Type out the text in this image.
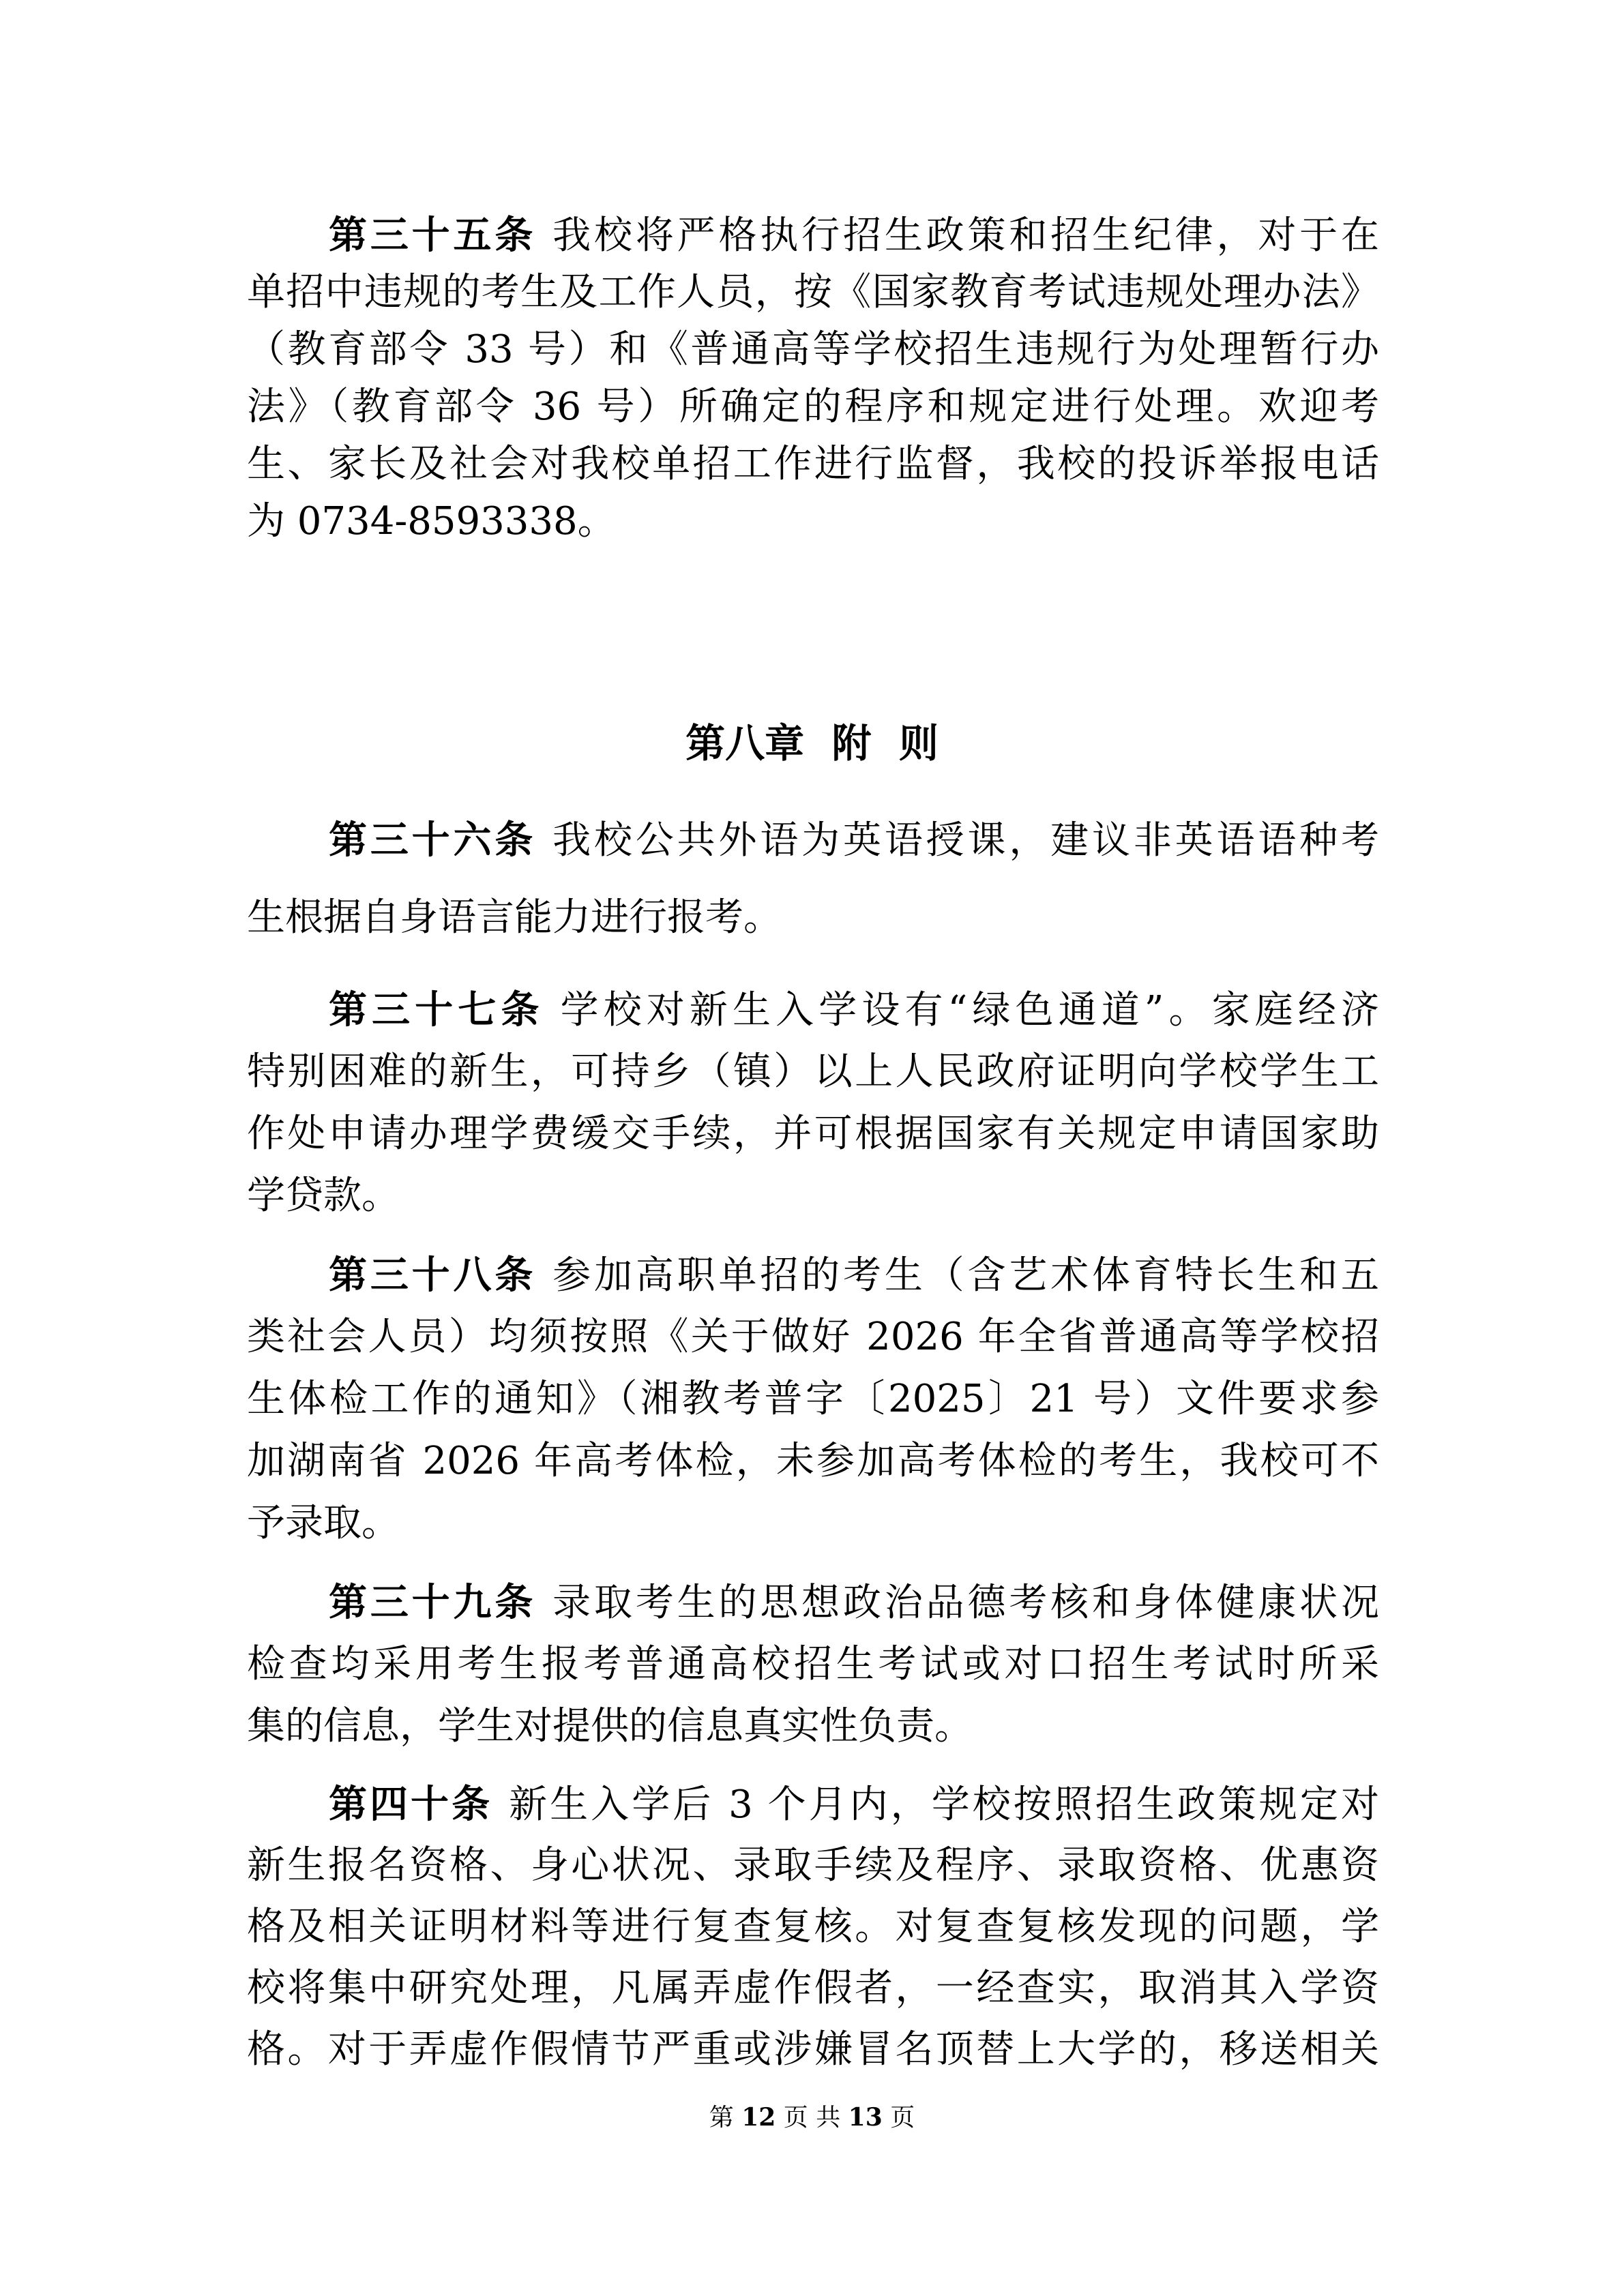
第三十五条 我校将严格执行招生政策和招生纪律，对于在
单招中违规的考生及工作人员，按《国家教育考试违规处理办法》
（教育部令 33 号）和《普通高等学校招生违规行为处理暂行办
法》（教育部令 36 号）所确定的程序和规定进行处理。欢迎考
生、家长及社会对我校单招工作进行监督，我校的投诉举报电话
为 0734-8593338。
第八章  附  则
第三十六条 我校公共外语为英语授课，建议非英语语种考
生根据自身语言能力进行报考。
第三十七条 学校对新生入学设有“绿色通道”。家庭经济
特别困难的新生，可持乡（镇）以上人民政府证明向学校学生工
作处申请办理学费缓交手续，并可根据国家有关规定申请国家助
学贷款。
第三十八条 参加高职单招的考生（含艺术体育特长生和五
类社会人员）均须按照《关于做好 2026 年全省普通高等学校招
生体检工作的通知》（湘教考普字〔2025〕21 号）文件要求参
加湖南省 2026 年高考体检，未参加高考体检的考生，我校可不
予录取。
第三十九条 录取考生的思想政治品德考核和身体健康状况
检查均采用考生报考普通高校招生考试或对口招生考试时所采
集的信息，学生对提供的信息真实性负责。
第四十条 新生入学后 3 个月内，学校按照招生政策规定对
新生报名资格、身心状况、录取手续及程序、录取资格、优惠资
格及相关证明材料等进行复查复核。对复查复核发现的问题，学
校将集中研究处理，凡属弄虚作假者，一经查实，取消其入学资
格。对于弄虚作假情节严重或涉嫌冒名顶替上大学的，移送相关
第 12 页 共 13 页
